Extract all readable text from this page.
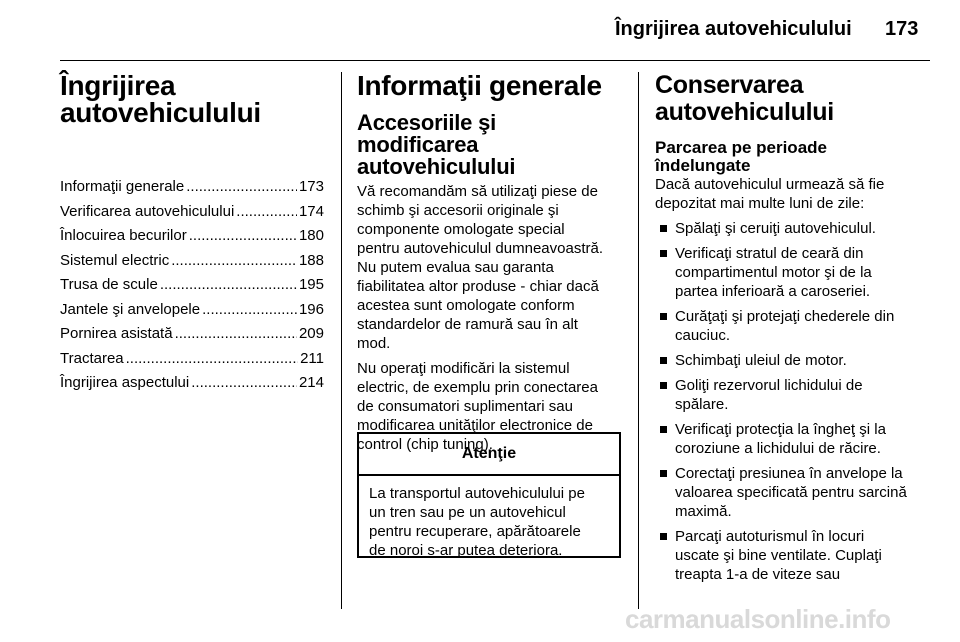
Îngrijirea autovehiculului 173
Îngrijirea
autovehiculului
Informaţii generale .....	173
Verificarea autovehiculului .....	174
Înlocuirea becurilor .....	180
Sistemul electric .....	188
Trusa de scule .....	195
Jantele şi anvelopele .....	196
Pornirea asistată .....	209
Tractarea .....	211
Îngrijirea aspectului .....	214
Informaţii generale
Accesoriile şi modificarea
autovehiculului

Vă recomandăm să utilizaţi piese de
schimb şi accesorii originale şi
componente omologate special
pentru autovehiculul dumneavoastră.
Nu putem evalua sau garanta
fiabilitatea altor produse - chiar dacă
acestea sunt omologate conform
standardelor de ramură sau în alt
mod.

Nu operaţi modificări la sistemul
electric, de exemplu prin conectarea
de consumatori suplimentari sau
modificarea unităţilor electronice de
control (chip tuning).

Atenţie
La transportul autovehiculului pe
un tren sau pe un autovehicul
pentru recuperare, apărătoarele
de noroi s-ar putea deteriora.
Conservarea
autovehiculului
Parcarea pe perioade
îndelungate

Dacă autovehiculul urmează să fie
depozitat mai multe luni de zile:

Spălaţi şi ceruiţi autovehiculul.
Verificaţi stratul de ceară din
compartimentul motor şi de la
partea inferioară a caroseriei.
Curăţaţi şi protejaţi chederele din
cauciuc.
Schimbaţi uleiul de motor.
Goliţi rezervorul lichidului de
spălare.
Verificaţi protecţia la îngheţ şi la
coroziune a lichidului de răcire.
Corectaţi presiunea în anvelope la
valoarea specificată pentru sarcină
maximă.
Parcaţi autoturismul în locuri
uscate şi bine ventilate. Cuplaţi
treapta 1-a de viteze sau
carmanualsonline.info
